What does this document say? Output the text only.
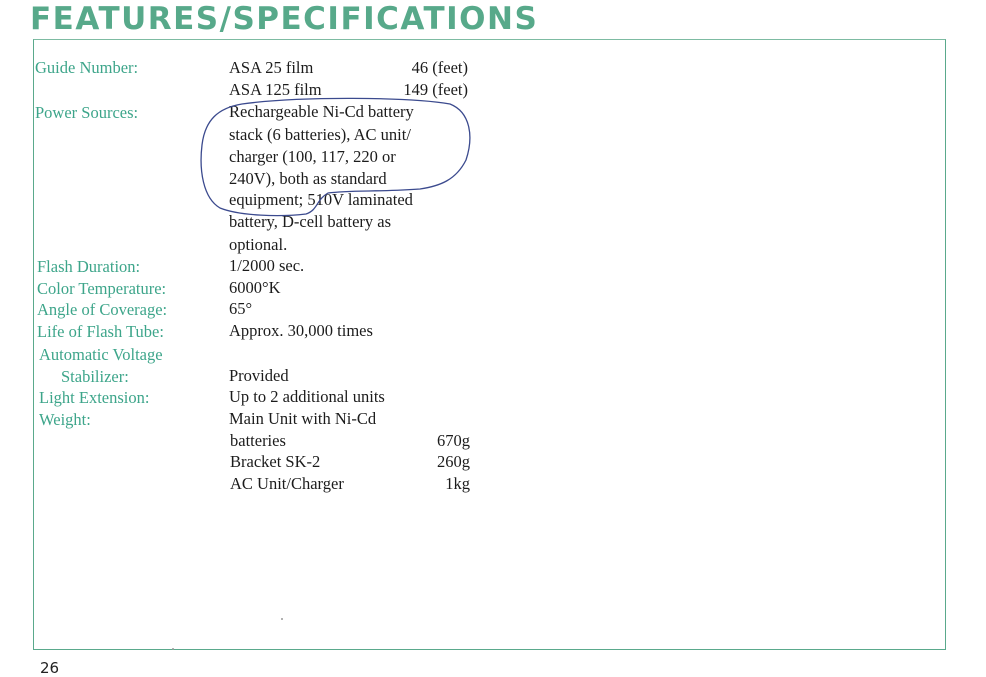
FEATURES/SPECIFICATIONS
Guide Number:	ASA 25 film	46 (feet)
ASA 125 film	149 (feet)
Power Sources:	Rechargeable Ni-Cd battery
stack (6 batteries), AC unit/
charger (100, 117, 220 or
240V), both as standard
equipment; 510V laminated
battery, D-cell battery as
optional.
Flash Duration:	1/2000 sec.
Color Temperature:	6000°K
Angle of Coverage:	65°
Life of Flash Tube:	Approx. 30,000 times
Automatic Voltage
Stabilizer:	Provided
Light Extension:	Up to 2 additional units
Weight:	Main Unit with Ni-Cd
batteries	670g
Bracket SK-2	260g
AC Unit/Charger	1kg
26
